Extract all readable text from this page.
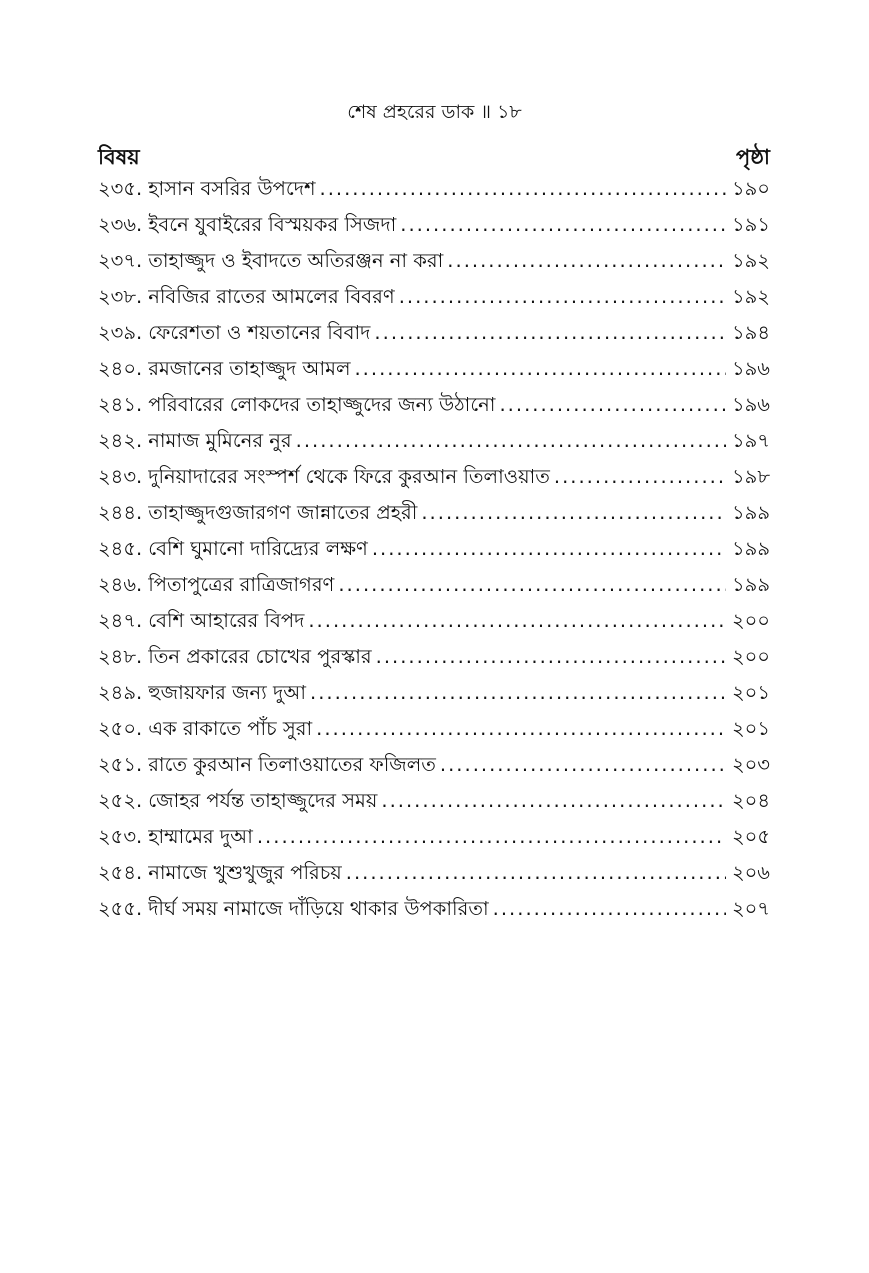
শেষ প্রহরের ডাক ॥ ১৮
বিষয়	পৃষ্ঠা
২৩৫. হাসান বসরির উপদেশ .....	১৯০
২৩৬. ইবনে যুবাইরের বিস্ময়কর সিজদা .....	১৯১
২৩৭. তাহাজ্জুদ ও ইবাদতে অতিরঞ্জন না করা .....	১৯২
২৩৮. নবিজির রাতের আমলের বিবরণ .....	১৯২
২৩৯. ফেরেশতা ও শয়তানের বিবাদ .....	১৯৪
২৪০. রমজানের তাহাজ্জুদ আমল .....	১৯৬
২৪১. পরিবারের লোকদের তাহাজ্জুদের জন্য উঠানো .....	১৯৬
২৪২. নামাজ মুমিনের নুর .....	১৯৭
২৪৩. দুনিয়াদারের সংস্পর্শ থেকে ফিরে কুরআন তিলাওয়াত .....	১৯৮
২৪৪. তাহাজ্জুদগুজারগণ জান্নাতের প্রহরী .....	১৯৯
২৪৫. বেশি ঘুমানো দারিদ্র্যের লক্ষণ .....	১৯৯
২৪৬. পিতাপুত্রের রাত্রিজাগরণ .....	১৯৯
২৪৭. বেশি আহারের বিপদ .....	২০০
২৪৮. তিন প্রকারের চোখের পুরস্কার .....	২০০
২৪৯. হুজায়ফার জন্য দুআ .....	২০১
২৫০. এক রাকাতে পাঁচ সুরা .....	২০১
২৫১. রাতে কুরআন তিলাওয়াতের ফজিলত .....	২০৩
২৫২. জোহর পর্যন্ত তাহাজ্জুদের সময় .....	২০৪
২৫৩. হাম্মামের দুআ .....	২০৫
২৫৪. নামাজে খুশুখুজুর পরিচয় .....	২০৬
২৫৫. দীর্ঘ সময় নামাজে দাঁড়িয়ে থাকার উপকারিতা .....	২০৭
